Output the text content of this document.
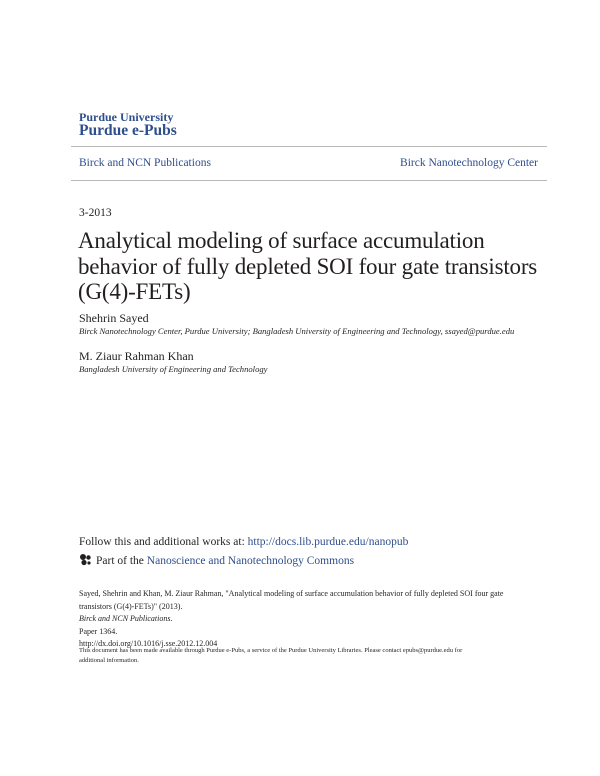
Purdue University
Purdue e-Pubs
Birck and NCN Publications	Birck Nanotechnology Center
3-2013
Analytical modeling of surface accumulation
behavior of fully depleted SOI four gate transistors
(G(4)-FETs)
Shehrin Sayed
Birck Nanotechnology Center, Purdue University; Bangladesh University of Engineering and Technology, ssayed@purdue.edu
M. Ziaur Rahman Khan
Bangladesh University of Engineering and Technology
Follow this and additional works at: http://docs.lib.purdue.edu/nanopub
Part of the Nanoscience and Nanotechnology Commons
Sayed, Shehrin and Khan, M. Ziaur Rahman, "Analytical modeling of surface accumulation behavior of fully depleted SOI four gate
transistors (G(4)-FETs)" (2013).
Birck and NCN Publications.
Paper 1364.
http://dx.doi.org/10.1016/j.sse.2012.12.004
This document has been made available through Purdue e-Pubs, a service of the Purdue University Libraries. Please contact epubs@purdue.edu for
additional information.
